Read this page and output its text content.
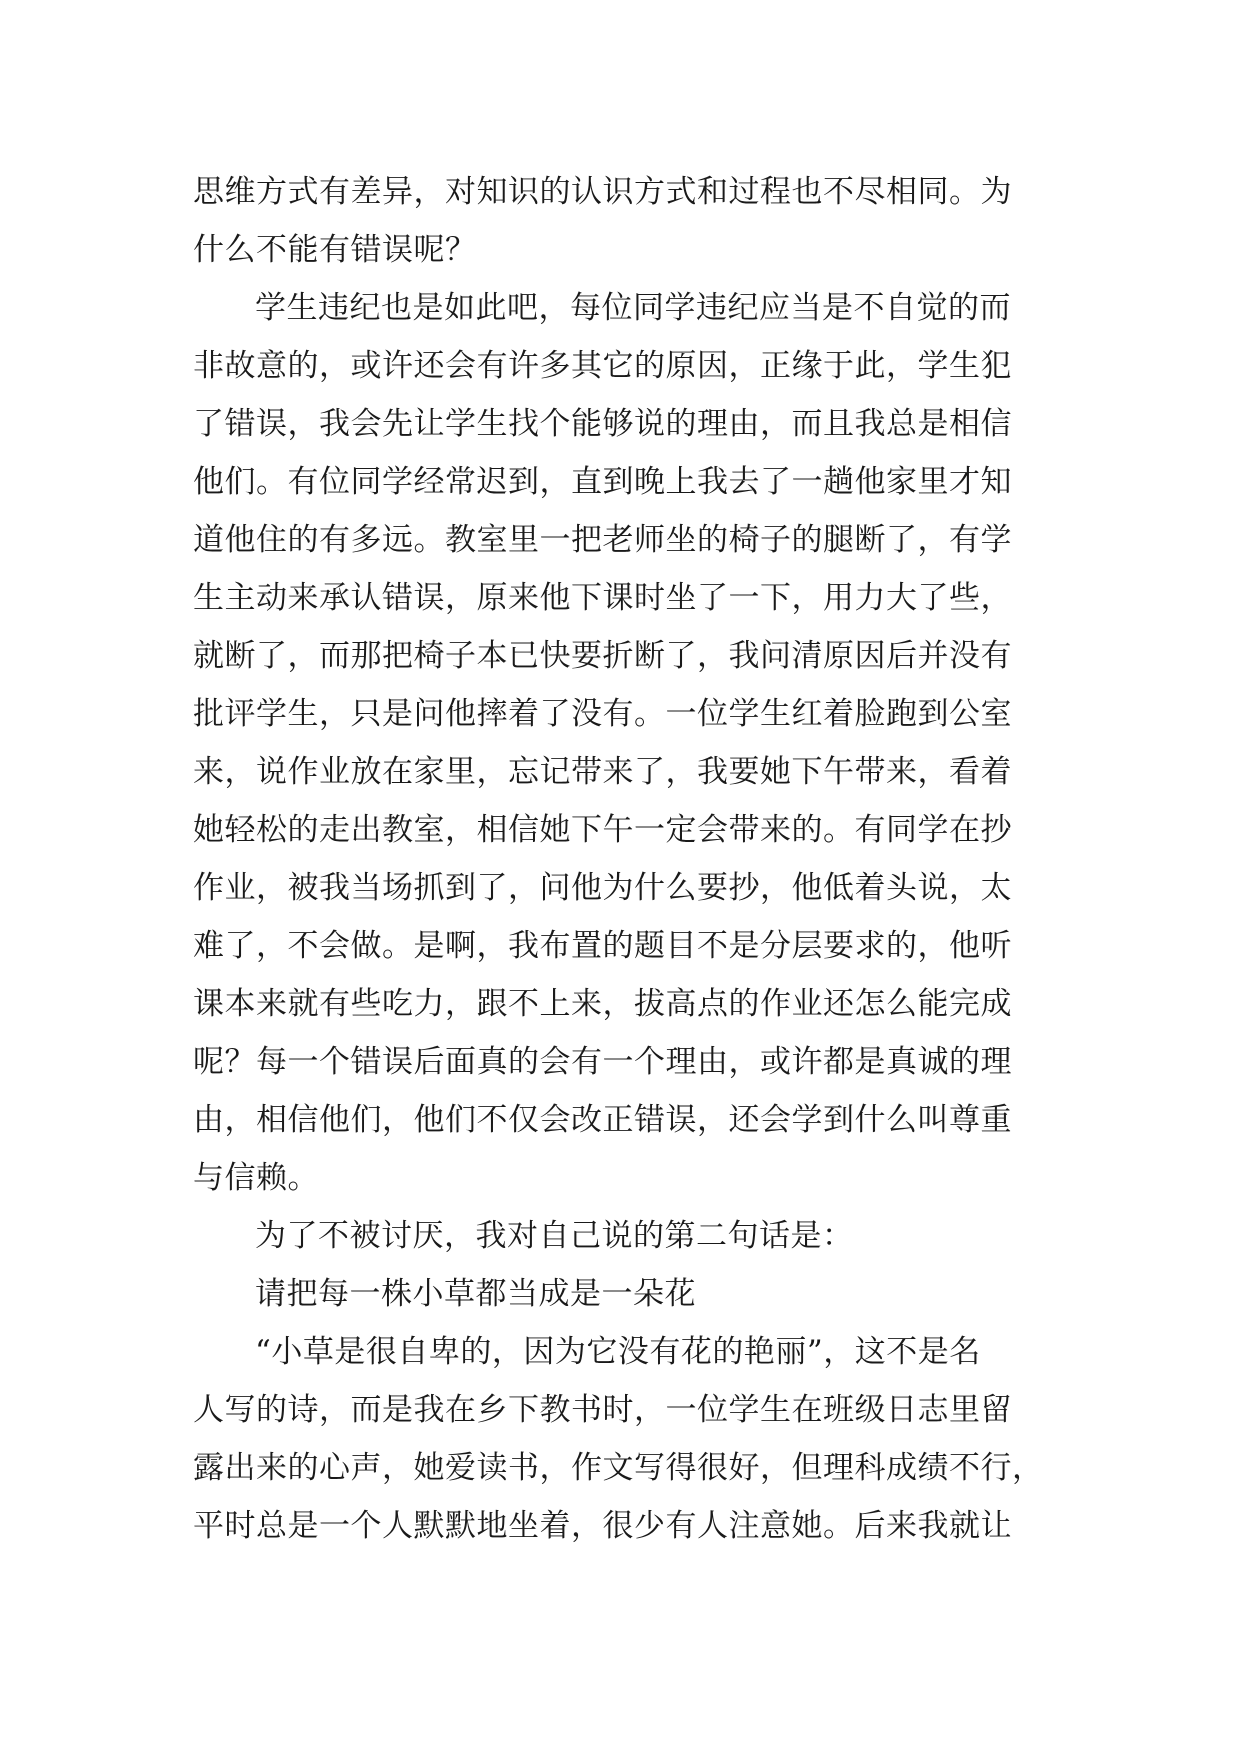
思维方式有差异，对知识的认识方式和过程也不尽相同。为
什么不能有错误呢？
学生违纪也是如此吧，每位同学违纪应当是不自觉的而
非故意的，或许还会有许多其它的原因，正缘于此，学生犯
了错误，我会先让学生找个能够说的理由，而且我总是相信
他们。有位同学经常迟到，直到晚上我去了一趟他家里才知
道他住的有多远。教室里一把老师坐的椅子的腿断了，有学
生主动来承认错误，原来他下课时坐了一下，用力大了些，
就断了，而那把椅子本已快要折断了，我问清原因后并没有
批评学生，只是问他摔着了没有。一位学生红着脸跑到公室
来，说作业放在家里，忘记带来了，我要她下午带来，看着
她轻松的走出教室，相信她下午一定会带来的。有同学在抄
作业，被我当场抓到了，问他为什么要抄，他低着头说，太
难了，不会做。是啊，我布置的题目不是分层要求的，他听
课本来就有些吃力，跟不上来，拔高点的作业还怎么能完成
呢？每一个错误后面真的会有一个理由，或许都是真诚的理
由，相信他们，他们不仅会改正错误，还会学到什么叫尊重
与信赖。
为了不被讨厌，我对自己说的第二句话是：
请把每一株小草都当成是一朵花
“小草是很自卑的，因为它没有花的艳丽”，这不是名
人写的诗，而是我在乡下教书时，一位学生在班级日志里留
露出来的心声，她爱读书，作文写得很好，但理科成绩不行，
平时总是一个人默默地坐着，很少有人注意她。后来我就让
